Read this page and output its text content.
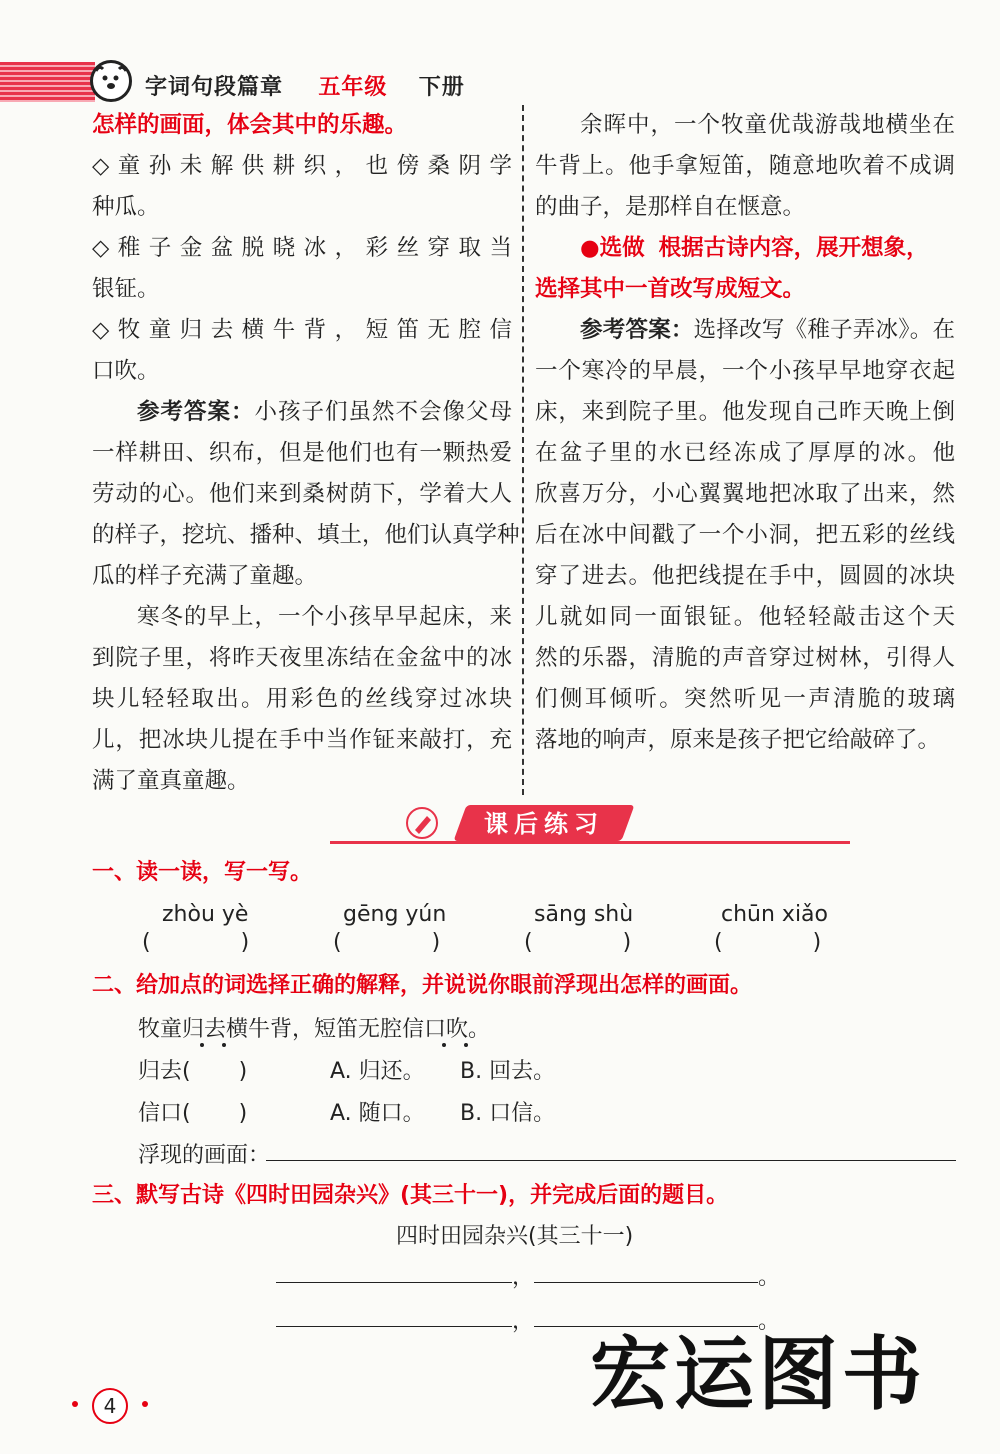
字词句段篇章 五年级 下册
怎样的画面，体会其中的乐趣。
◇童孙未解供耕织，也傍桑阴学
种瓜。
◇稚子金盆脱晓冰，彩丝穿取当
银钲。
◇牧童归去横牛背，短笛无腔信
口吹。
参考答案：小孩子们虽然不会像父母
一样耕田、织布，但是他们也有一颗热爱
劳动的心。他们来到桑树荫下，学着大人
的样子，挖坑、播种、填土，他们认真学种
瓜的样子充满了童趣。
寒冬的早上，一个小孩早早起床，来
到院子里，将昨天夜里冻结在金盆中的冰
块儿轻轻取出。用彩色的丝线穿过冰块
儿，把冰块儿提在手中当作钲来敲打，充
满了童真童趣。
余晖中，一个牧童优哉游哉地横坐在
牛背上。他手拿短笛，随意地吹着不成调
的曲子，是那样自在惬意。
●选做 根据古诗内容，展开想象，
选择其中一首改写成短文。
参考答案：选择改写《稚子弄冰》。在
一个寒冷的早晨，一个小孩早早地穿衣起
床，来到院子里。他发现自己昨天晚上倒
在盆子里的水已经冻成了厚厚的冰。他
欣喜万分，小心翼翼地把冰取了出来，然
后在冰中间戳了一个小洞，把五彩的丝线
穿了进去。他把线提在手中，圆圆的冰块
儿就如同一面银钲。他轻轻敲击这个天
然的乐器，清脆的声音穿过树林，引得人
们侧耳倾听。突然听见一声清脆的玻璃
落地的响声，原来是孩子把它给敲碎了。
课后练习
一、读一读，写一写。
zhòu yè	gēng yún	sāng shù	chūn xiǎo
(	)	(	)	(	)	(	)
二、给加点的词选择正确的解释，并说说你眼前浮现出怎样的画面。
牧童归去横牛背，短笛无腔信口吹。
归去( )	A. 归还。 B. 回去。
信口( )	A. 随口。 B. 口信。
浮现的画面：
三、默写古诗《四时田园杂兴》(其三十一)，并完成后面的题目。
四时田园杂兴(其三十一)
，	。
，	。
宏运图书
4
